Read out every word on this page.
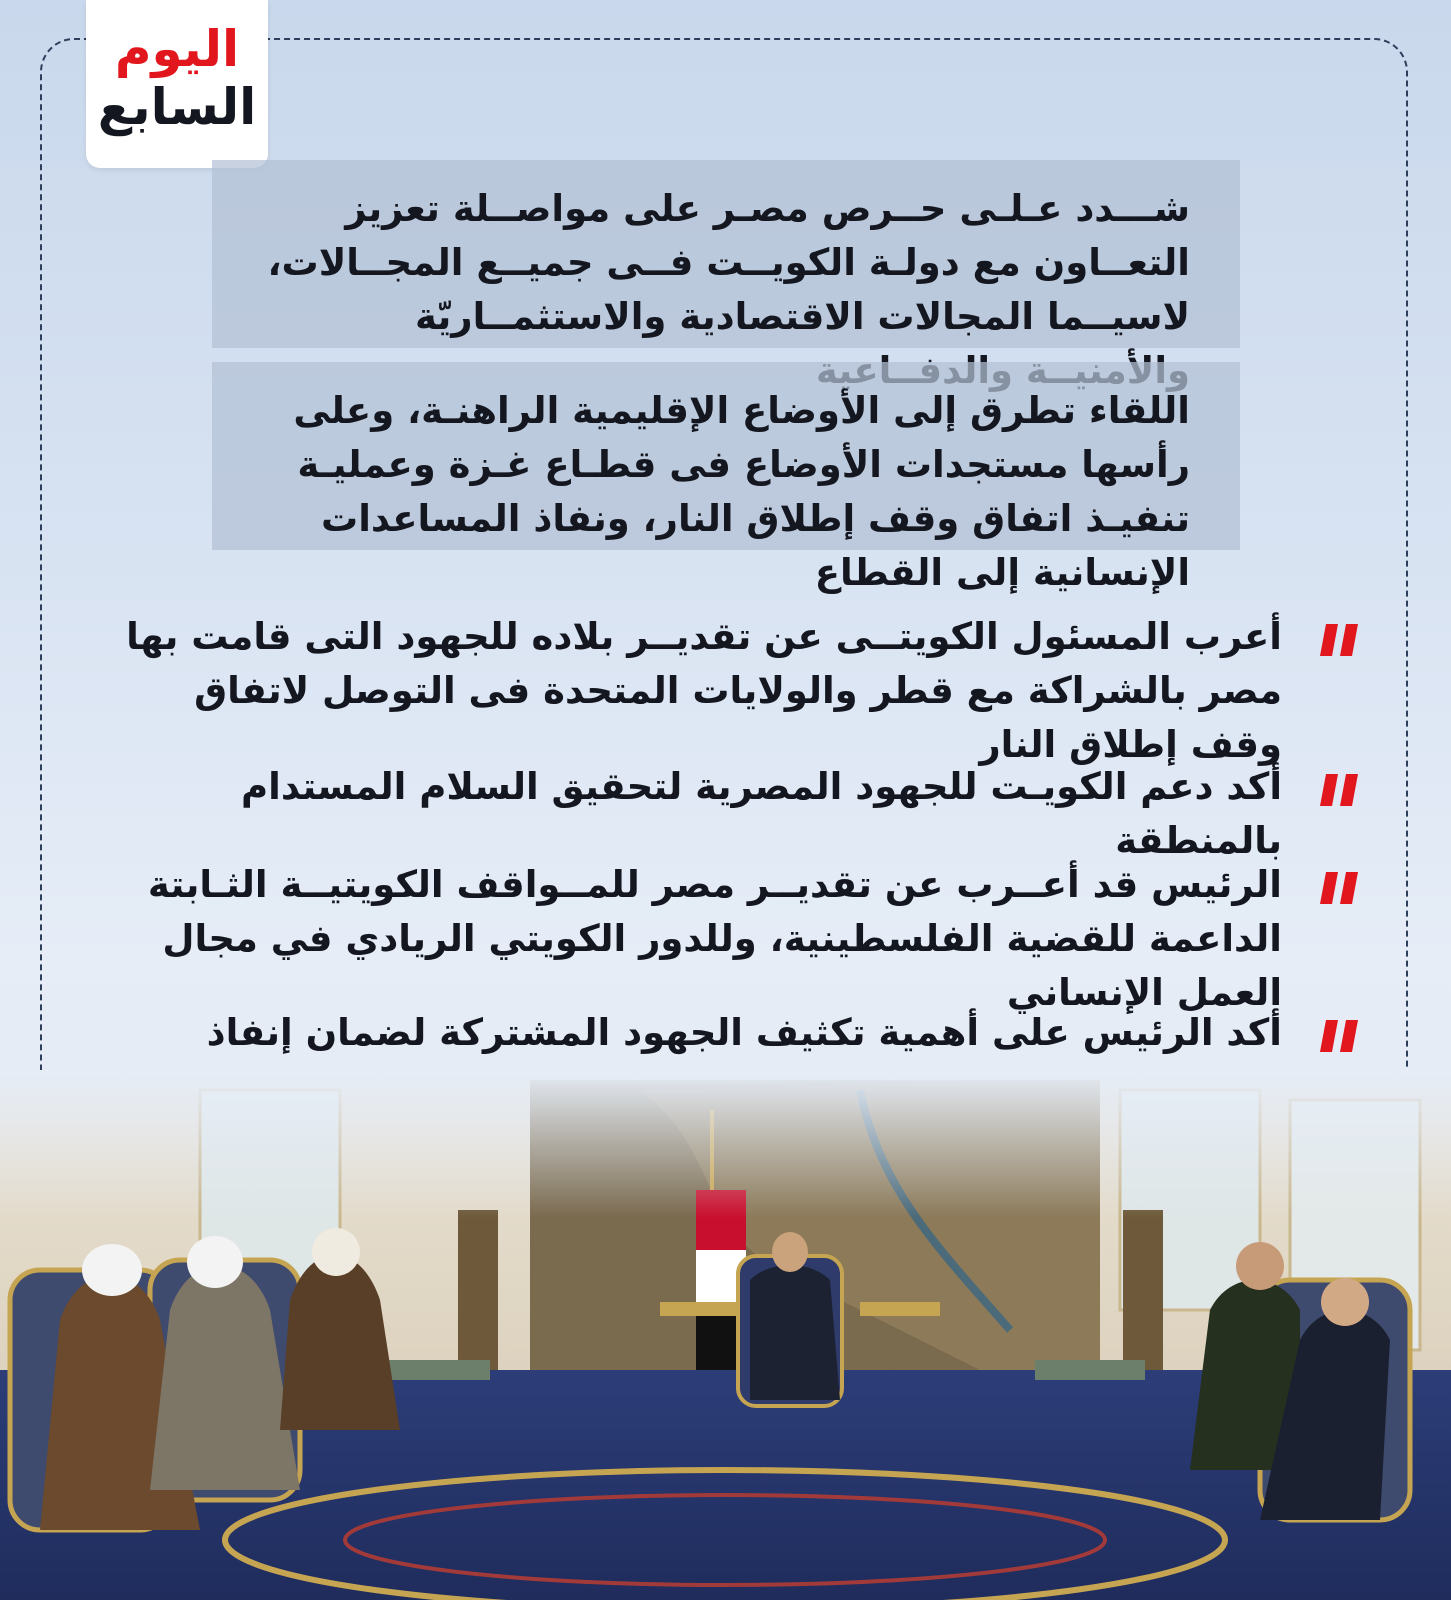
اليوم
السابع
شـــدد عـلـى حــرص مصـر على مواصــلة تعزيز التعــاون مع دولـة الكويــت فــى جميــع المجــالات، لاسيــما المجالات الاقتصادية والاستثمــاريّة
اللقاء تطرق إلى الأوضاع الإقليمية الراهنـة، وعلى رأسها مستجدات الأوضاع فى قطـاع غـزة وعمليـة تنفيـذ اتفاق وقف إطلاق النار، ونفاذ المساعدات الإنسانية إلى القطاع
أعرب المسئول الكويتــى عن تقديــر بلاده للجهود التى قامت بها مصر بالشراكة مع قطر والولايات المتحدة فى التوصل لاتفاق وقف إطلاق النار
أكد دعم الكويـت للجهود المصرية لتحقيق السلام المستدام بالمنطقة
الرئيس قد أعــرب عن تقديــر مصر للمــواقف الكويتيــة الثـابتة الداعمة للقضية الفلسطينية، وللدور الكويتي الريادي في مجال العمل الإنساني
أكد الرئيس على أهمية تكثيف الجهود المشتركة لضمان إنفاذ
